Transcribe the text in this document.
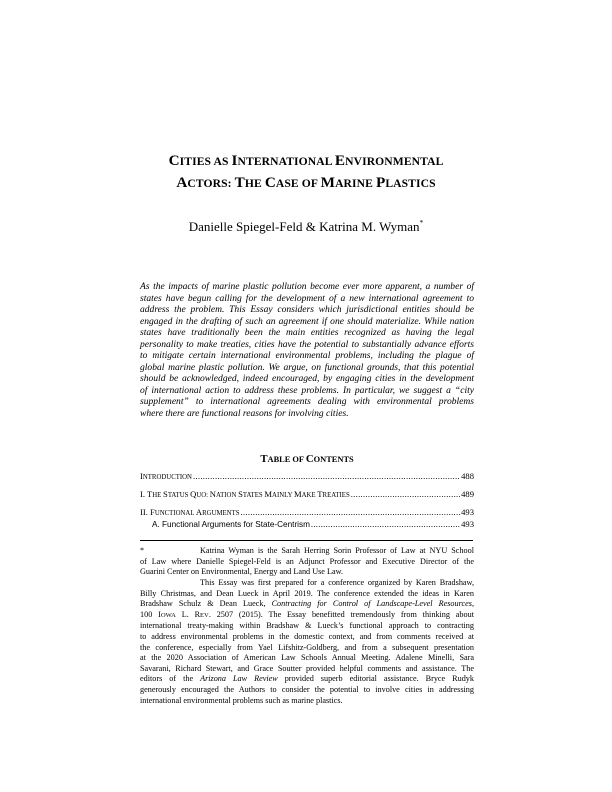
CITIES AS INTERNATIONAL ENVIRONMENTAL
ACTORS: THE CASE OF MARINE PLASTICS
Danielle Spiegel-Feld & Katrina M. Wyman*
As the impacts of marine plastic pollution become ever more apparent, a number of
states have begun calling for the development of a new international agreement to
address the problem. This Essay considers which jurisdictional entities should be
engaged in the drafting of such an agreement if one should materialize. While nation
states have traditionally been the main entities recognized as having the legal
personality to make treaties, cities have the potential to substantially advance efforts
to mitigate certain international environmental problems, including the plague of
global marine plastic pollution. We argue, on functional grounds, that this potential
should be acknowledged, indeed encouraged, by engaging cities in the development
of international action to address these problems. In particular, we suggest a “city
supplement” to international agreements dealing with environmental problems
where there are functional reasons for involving cities.
TABLE OF CONTENTS
INTRODUCTION .....	488
I. THE STATUS QUO: NATION STATES MAINLY MAKE TREATIES .....	489
II. FUNCTIONAL ARGUMENTS .....	493
A. Functional Arguments for State-Centrism .....	493
*	Katrina Wyman is the Sarah Herring Sorin Professor of Law at NYU School
of Law where Danielle Spiegel-Feld is an Adjunct Professor and Executive Director of the
Guarini Center on Environmental, Energy and Land Use Law.
This Essay was first prepared for a conference organized by Karen Bradshaw,
Billy Christmas, and Dean Lueck in April 2019. The conference extended the ideas in Karen
Bradshaw Schulz & Dean Lueck, Contracting for Control of Landscape-Level Resources,
100 IOWA L. REV. 2507 (2015). The Essay benefitted tremendously from thinking about
international treaty-making within Bradshaw & Lueck’s functional approach to contracting
to address environmental problems in the domestic context, and from comments received at
the conference, especially from Yael Lifshitz-Goldberg, and from a subsequent presentation
at the 2020 Association of American Law Schools Annual Meeting. Adalene Minelli, Sara
Savarani, Richard Stewart, and Grace Soutter provided helpful comments and assistance. The
editors of the Arizona Law Review provided superb editorial assistance. Bryce Rudyk
generously encouraged the Authors to consider the potential to involve cities in addressing
international environmental problems such as marine plastics.
